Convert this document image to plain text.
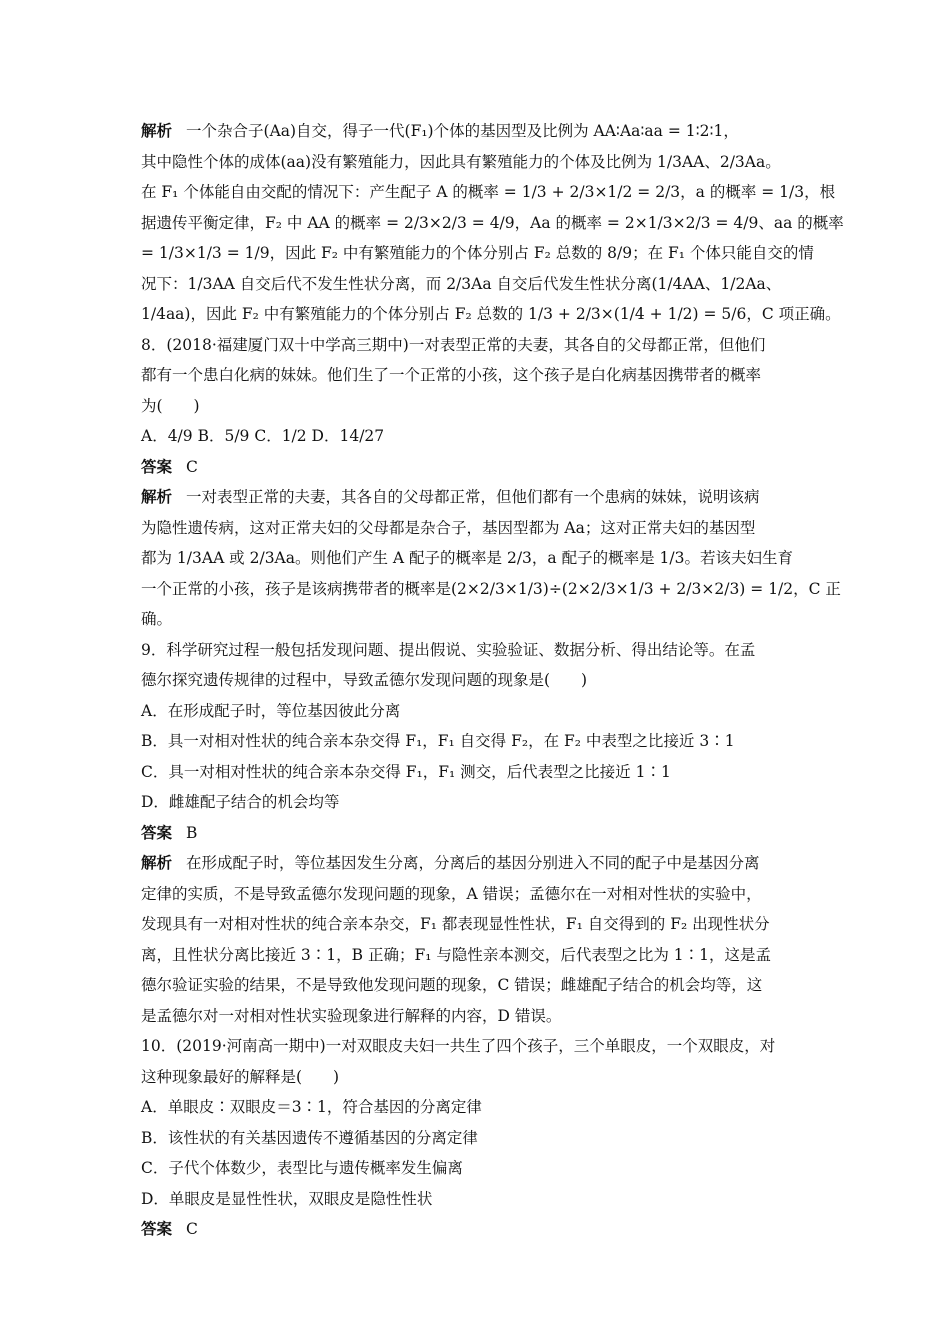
解析 一个杂合子(Aa)自交，得子一代(F₁)个体的基因型及比例为 AA∶Aa∶aa = 1∶2∶1，
其中隐性个体的成体(aa)没有繁殖能力，因此具有繁殖能力的个体及比例为 1/3AA、2/3Aa。
在 F₁ 个体能自由交配的情况下：产生配子 A 的概率 = 1/3 + 2/3×1/2 = 2/3，a 的概率 = 1/3，根
据遗传平衡定律，F₂ 中 AA 的概率 = 2/3×2/3 = 4/9，Aa 的概率 = 2×1/3×2/3 = 4/9、aa 的概率
= 1/3×1/3 = 1/9，因此 F₂ 中有繁殖能力的个体分别占 F₂ 总数的 8/9；在 F₁ 个体只能自交的情
况下：1/3AA 自交后代不发生性状分离，而 2/3Aa 自交后代发生性状分离(1/4AA、1/2Aa、
1/4aa)，因此 F₂ 中有繁殖能力的个体分别占 F₂ 总数的 1/3 + 2/3×(1/4 + 1/2) = 5/6，C 项正确。
8．(2018·福建厦门双十中学高三期中)一对表型正常的夫妻，其各自的父母都正常，但他们
都有一个患白化病的妹妹。他们生了一个正常的小孩，这个孩子是白化病基因携带者的概率
为(　　)
A．4/9 B．5/9 C．1/2 D．14/27
答案 C
解析 一对表型正常的夫妻，其各自的父母都正常，但他们都有一个患病的妹妹，说明该病
为隐性遗传病，这对正常夫妇的父母都是杂合子，基因型都为 Aa；这对正常夫妇的基因型
都为 1/3AA 或 2/3Aa。则他们产生 A 配子的概率是 2/3，a 配子的概率是 1/3。若该夫妇生育
一个正常的小孩，孩子是该病携带者的概率是(2×2/3×1/3)÷(2×2/3×1/3 + 2/3×2/3) = 1/2，C 正
确。
9．科学研究过程一般包括发现问题、提出假说、实验验证、数据分析、得出结论等。在孟
德尔探究遗传规律的过程中，导致孟德尔发现问题的现象是(　　)
A．在形成配子时，等位基因彼此分离
B．具一对相对性状的纯合亲本杂交得 F₁，F₁ 自交得 F₂，在 F₂ 中表型之比接近 3∶1
C．具一对相对性状的纯合亲本杂交得 F₁，F₁ 测交，后代表型之比接近 1∶1
D．雌雄配子结合的机会均等
答案 B
解析 在形成配子时，等位基因发生分离，分离后的基因分别进入不同的配子中是基因分离
定律的实质，不是导致孟德尔发现问题的现象，A 错误；孟德尔在一对相对性状的实验中，
发现具有一对相对性状的纯合亲本杂交，F₁ 都表现显性性状，F₁ 自交得到的 F₂ 出现性状分
离，且性状分离比接近 3∶1，B 正确；F₁ 与隐性亲本测交，后代表型之比为 1∶1，这是孟
德尔验证实验的结果，不是导致他发现问题的现象，C 错误；雌雄配子结合的机会均等，这
是孟德尔对一对相对性状实验现象进行解释的内容，D 错误。
10．(2019·河南高一期中)一对双眼皮夫妇一共生了四个孩子，三个单眼皮，一个双眼皮，对
这种现象最好的解释是(　　)
A．单眼皮∶双眼皮＝3∶1，符合基因的分离定律
B．该性状的有关基因遗传不遵循基因的分离定律
C．子代个体数少，表型比与遗传概率发生偏离
D．单眼皮是显性性状，双眼皮是隐性性状
答案 C
